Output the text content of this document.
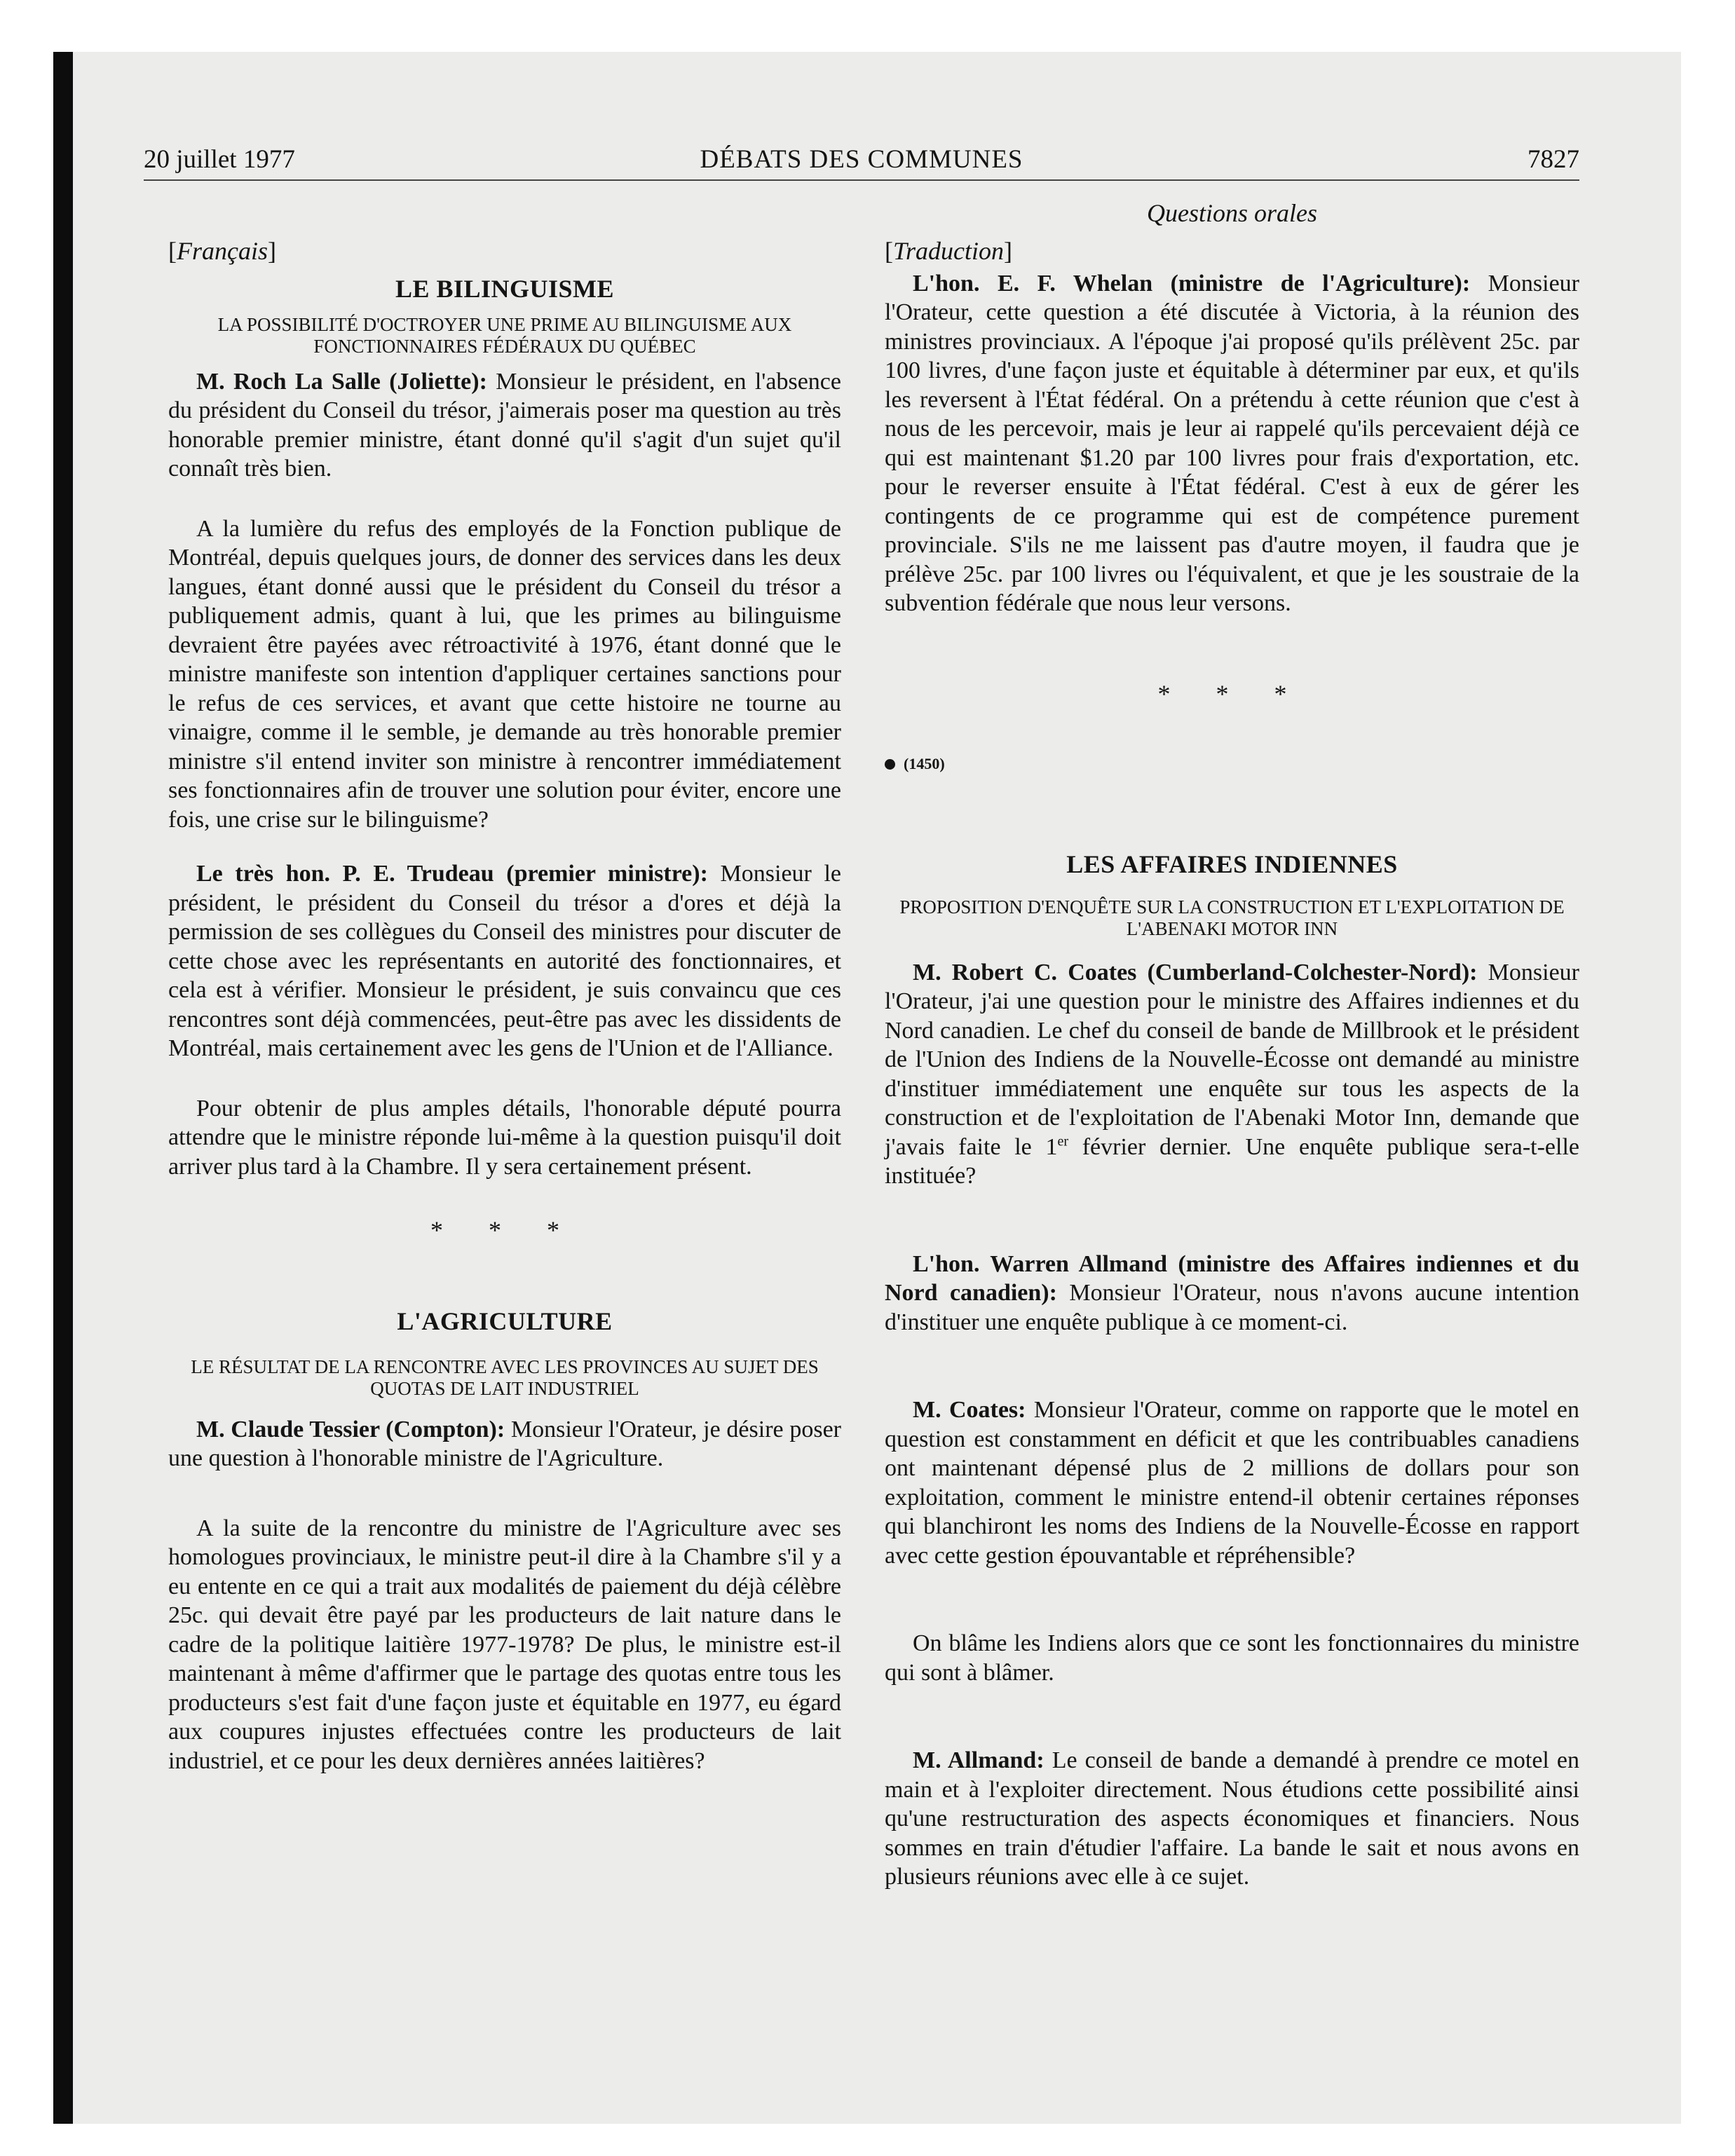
20 juillet 1977	DÉBATS DES COMMUNES	7827
Questions orales
[Français]
LE BILINGUISME
LA POSSIBILITÉ D'OCTROYER UNE PRIME AU BILINGUISME AUX FONCTIONNAIRES FÉDÉRAUX DU QUÉBEC

M. Roch La Salle (Joliette): Monsieur le président, en l'absence du président du Conseil du trésor, j'aimerais poser ma question au très honorable premier ministre, étant donné qu'il s'agit d'un sujet qu'il connaît très bien.

A la lumière du refus des employés de la Fonction publique de Montréal, depuis quelques jours, de donner des services dans les deux langues, étant donné aussi que le président du Conseil du trésor a publiquement admis, quant à lui, que les primes au bilinguisme devraient être payées avec rétroactivité à 1976, étant donné que le ministre manifeste son intention d'appliquer certaines sanctions pour le refus de ces services, et avant que cette histoire ne tourne au vinaigre, comme il le semble, je demande au très honorable premier ministre s'il entend inviter son ministre à rencontrer immédiatement ses fonctionnaires afin de trouver une solution pour éviter, encore une fois, une crise sur le bilinguisme?

Le très hon. P. E. Trudeau (premier ministre): Monsieur le président, le président du Conseil du trésor a d'ores et déjà la permission de ses collègues du Conseil des ministres pour discuter de cette chose avec les représentants en autorité des fonctionnaires, et cela est à vérifier. Monsieur le président, je suis convaincu que ces rencontres sont déjà commencées, peut-être pas avec les dissidents de Montréal, mais certainement avec les gens de l'Union et de l'Alliance.

Pour obtenir de plus amples détails, l'honorable député pourra attendre que le ministre réponde lui-même à la question puisqu'il doit arriver plus tard à la Chambre. Il y sera certainement présent.

* * *
L'AGRICULTURE
LE RÉSULTAT DE LA RENCONTRE AVEC LES PROVINCES AU SUJET DES QUOTAS DE LAIT INDUSTRIEL

M. Claude Tessier (Compton): Monsieur l'Orateur, je désire poser une question à l'honorable ministre de l'Agriculture.

A la suite de la rencontre du ministre de l'Agriculture avec ses homologues provinciaux, le ministre peut-il dire à la Chambre s'il y a eu entente en ce qui a trait aux modalités de paiement du déjà célèbre 25c. qui devait être payé par les producteurs de lait nature dans le cadre de la politique laitière 1977-1978? De plus, le ministre est-il maintenant à même d'affirmer que le partage des quotas entre tous les producteurs s'est fait d'une façon juste et équitable en 1977, eu égard aux coupures injustes effectuées contre les producteurs de lait industriel, et ce pour les deux dernières années laitières?

[Traduction]

L'hon. E. F. Whelan (ministre de l'Agriculture): Monsieur l'Orateur, cette question a été discutée à Victoria, à la réunion des ministres provinciaux. A l'époque j'ai proposé qu'ils prélèvent 25c. par 100 livres, d'une façon juste et équitable à déterminer par eux, et qu'ils les reversent à l'État fédéral. On a prétendu à cette réunion que c'est à nous de les percevoir, mais je leur ai rappelé qu'ils percevaient déjà ce qui est maintenant $1.20 par 100 livres pour frais d'exportation, etc. pour le reverser ensuite à l'État fédéral. C'est à eux de gérer les contingents de ce programme qui est de compétence purement provinciale. S'ils ne me laissent pas d'autre moyen, il faudra que je prélève 25c. par 100 livres ou l'équivalent, et que je les soustraie de la subvention fédérale que nous leur versons.

* * *
(1450)
LES AFFAIRES INDIENNES
PROPOSITION D'ENQUÊTE SUR LA CONSTRUCTION ET L'EXPLOITATION DE L'ABENAKI MOTOR INN

M. Robert C. Coates (Cumberland-Colchester-Nord): Monsieur l'Orateur, j'ai une question pour le ministre des Affaires indiennes et du Nord canadien. Le chef du conseil de bande de Millbrook et le président de l'Union des Indiens de la Nouvelle-Écosse ont demandé au ministre d'instituer immédiatement une enquête sur tous les aspects de la construction et de l'exploitation de l'Abenaki Motor Inn, demande que j'avais faite le 1er février dernier. Une enquête publique sera-t-elle instituée?

L'hon. Warren Allmand (ministre des Affaires indiennes et du Nord canadien): Monsieur l'Orateur, nous n'avons aucune intention d'instituer une enquête publique à ce moment-ci.

M. Coates: Monsieur l'Orateur, comme on rapporte que le motel en question est constamment en déficit et que les contribuables canadiens ont maintenant dépensé plus de 2 millions de dollars pour son exploitation, comment le ministre entend-il obtenir certaines réponses qui blanchiront les noms des Indiens de la Nouvelle-Écosse en rapport avec cette gestion épouvantable et répréhensible?

On blâme les Indiens alors que ce sont les fonctionnaires du ministre qui sont à blâmer.

M. Allmand: Le conseil de bande a demandé à prendre ce motel en main et à l'exploiter directement. Nous étudions cette possibilité ainsi qu'une restructuration des aspects économiques et financiers. Nous sommes en train d'étudier l'affaire. La bande le sait et nous avons en plusieurs réunions avec elle à ce sujet.
